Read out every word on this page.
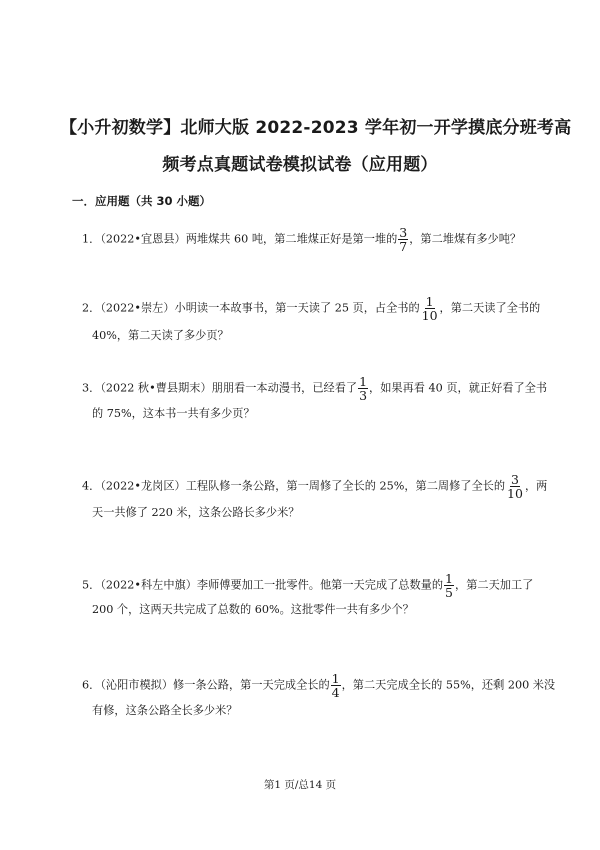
【小升初数学】北师大版 2022-2023 学年初一开学摸底分班考高
频考点真题试卷模拟试卷（应用题）
一．应用题（共 30 小题）
1．（2022•宜恩县）两堆煤共 60 吨，第二堆煤正好是第一堆的 $\frac{3}{7}$ ，第二堆煤有多少吨？
2．（2022•崇左）小明读一本故事书，第一天读了 25 页，占全书的 $\frac{1}{10}$ ，第二天读了全书的
40%，第二天读了多少页？
3．（2022 秋•曹县期末）朋朋看一本动漫书，已经看了 $\frac{1}{3}$ ，如果再看 40 页，就正好看了全书
的 75%，这本书一共有多少页？
4．（2022•龙岗区）工程队修一条公路，第一周修了全长的 25%，第二周修了全长的 $\frac{3}{10}$ ，两
天一共修了 220 米，这条公路长多少米？
5．（2022•科左中旗）李师傅要加工一批零件。他第一天完成了总数量的 $\frac{1}{5}$ ，第二天加工了
200 个，这两天共完成了总数的 60%。这批零件一共有多少个？
6．（沁阳市模拟）修一条公路，第一天完成全长的 $\frac{1}{4}$ ，第二天完成全长的 55%，还剩 200 米没
有修，这条公路全长多少米？
第1 页/总14 页
